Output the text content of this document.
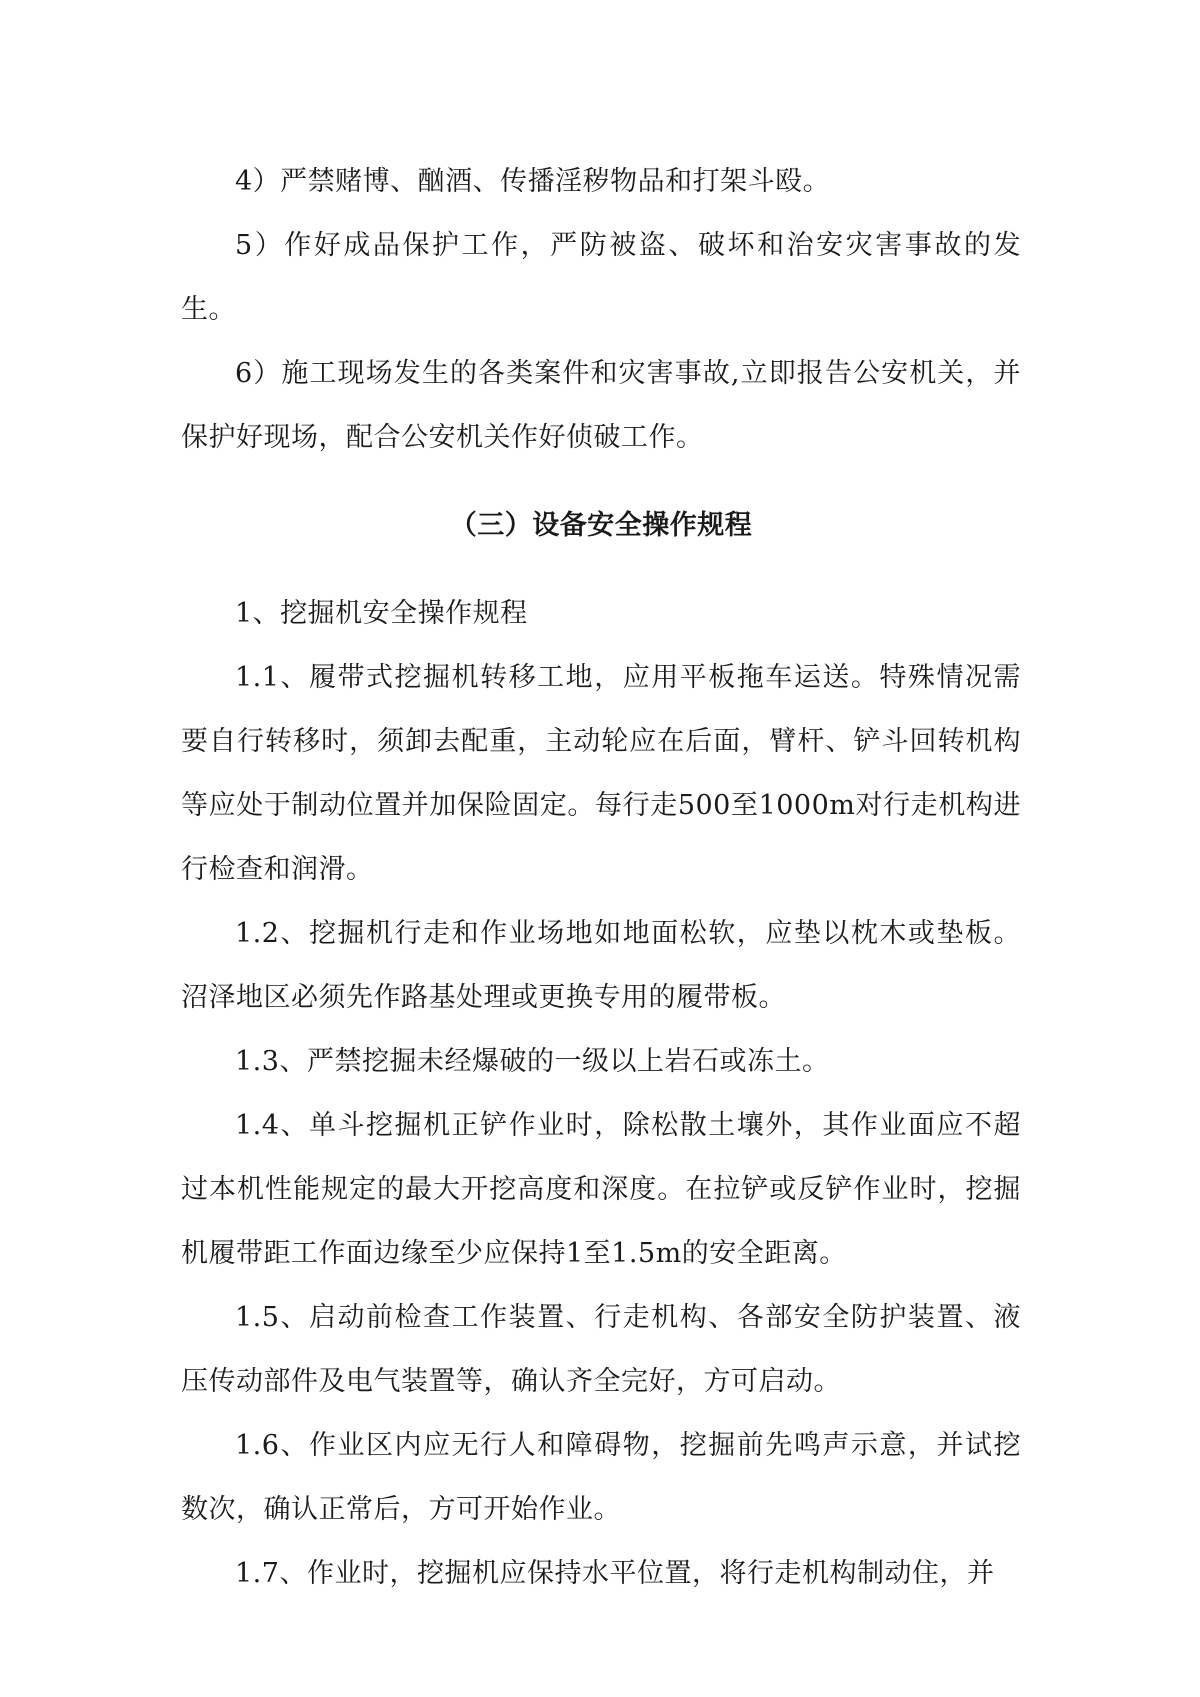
4）严禁赌博、酗酒、传播淫秽物品和打架斗殴。

5）作好成品保护工作，严防被盗、破坏和治安灾害事故的发生。

6）施工现场发生的各类案件和灾害事故,立即报告公安机关，并保护好现场，配合公安机关作好侦破工作。

（三）设备安全操作规程

1、挖掘机安全操作规程

1.1、履带式挖掘机转移工地，应用平板拖车运送。特殊情况需要自行转移时，须卸去配重，主动轮应在后面，臂杆、铲斗回转机构等应处于制动位置并加保险固定。每行走500至1000m对行走机构进行检查和润滑。

1.2、挖掘机行走和作业场地如地面松软，应垫以枕木或垫板。沼泽地区必须先作路基处理或更换专用的履带板。

1.3、严禁挖掘未经爆破的一级以上岩石或冻土。

1.4、单斗挖掘机正铲作业时，除松散土壤外，其作业面应不超过本机性能规定的最大开挖高度和深度。在拉铲或反铲作业时，挖掘机履带距工作面边缘至少应保持1至1.5m的安全距离。

1.5、启动前检查工作装置、行走机构、各部安全防护装置、液压传动部件及电气装置等，确认齐全完好，方可启动。

1.6、作业区内应无行人和障碍物，挖掘前先鸣声示意，并试挖数次，确认正常后，方可开始作业。

1.7、作业时，挖掘机应保持水平位置，将行走机构制动住，并
